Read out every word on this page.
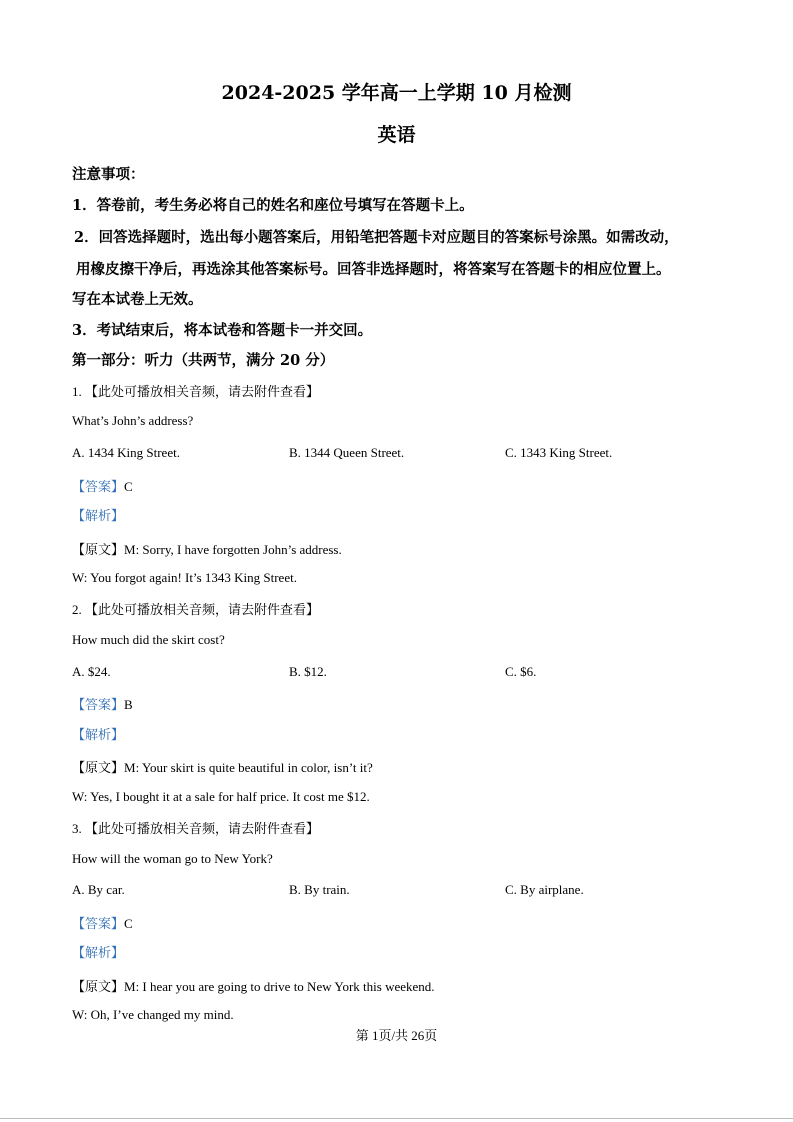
2024-2025 学年高一上学期 10 月检测
英语
注意事项：
1．答卷前，考生务必将自己的姓名和座位号填写在答题卡上。
2．回答选择题时，选出每小题答案后，用铅笔把答题卡对应题目的答案标号涂黑。如需改动，
用橡皮擦干净后，再选涂其他答案标号。回答非选择题时，将答案写在答题卡的相应位置上。
写在本试卷上无效。
3．考试结束后，将本试卷和答题卡一并交回。
第一部分：听力（共两节，满分 20 分）
1. 【此处可播放相关音频，请去附件查看】
What’s John’s address?
A. 1434 King Street.	B. 1344 Queen Street.	C. 1343 King Street.
【答案】C
【解析】
【原文】M: Sorry, I have forgotten John’s address.
W: You forgot again! It’s 1343 King Street.
2. 【此处可播放相关音频，请去附件查看】
How much did the skirt cost?
A. $24.	B. $12.	C. $6.
【答案】B
【解析】
【原文】M: Your skirt is quite beautiful in color, isn’t it?
W: Yes, I bought it at a sale for half price. It cost me $12.
3. 【此处可播放相关音频，请去附件查看】
How will the woman go to New York?
A. By car.	B. By train.	C. By airplane.
【答案】C
【解析】
【原文】M: I hear you are going to drive to New York this weekend.
W: Oh, I’ve changed my mind.
第 1页/共 26页
